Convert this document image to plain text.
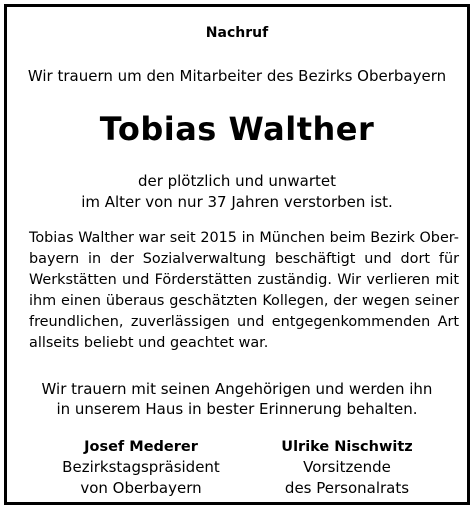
Nachruf
Wir trauern um den Mitarbeiter des Bezirks Oberbayern
Tobias Walther
der plötzlich und unwartet
im Alter von nur 37 Jahren verstorben ist.
Tobias Walther war seit 2015 in München beim Bezirk Ober-
bayern in der Sozialverwaltung beschäftigt und dort für
Werkstätten und Förderstätten zuständig. Wir verlieren mit
ihm einen überaus geschätzten Kollegen, der wegen seiner
freundlichen, zuverlässigen und entgegenkommenden Art
allseits beliebt und geachtet war.
Wir trauern mit seinen Angehörigen und werden ihn
in unserem Haus in bester Erinnerung behalten.
Josef Mederer
Bezirkstagspräsident
von Oberbayern
Ulrike Nischwitz
Vorsitzende
des Personalrats
